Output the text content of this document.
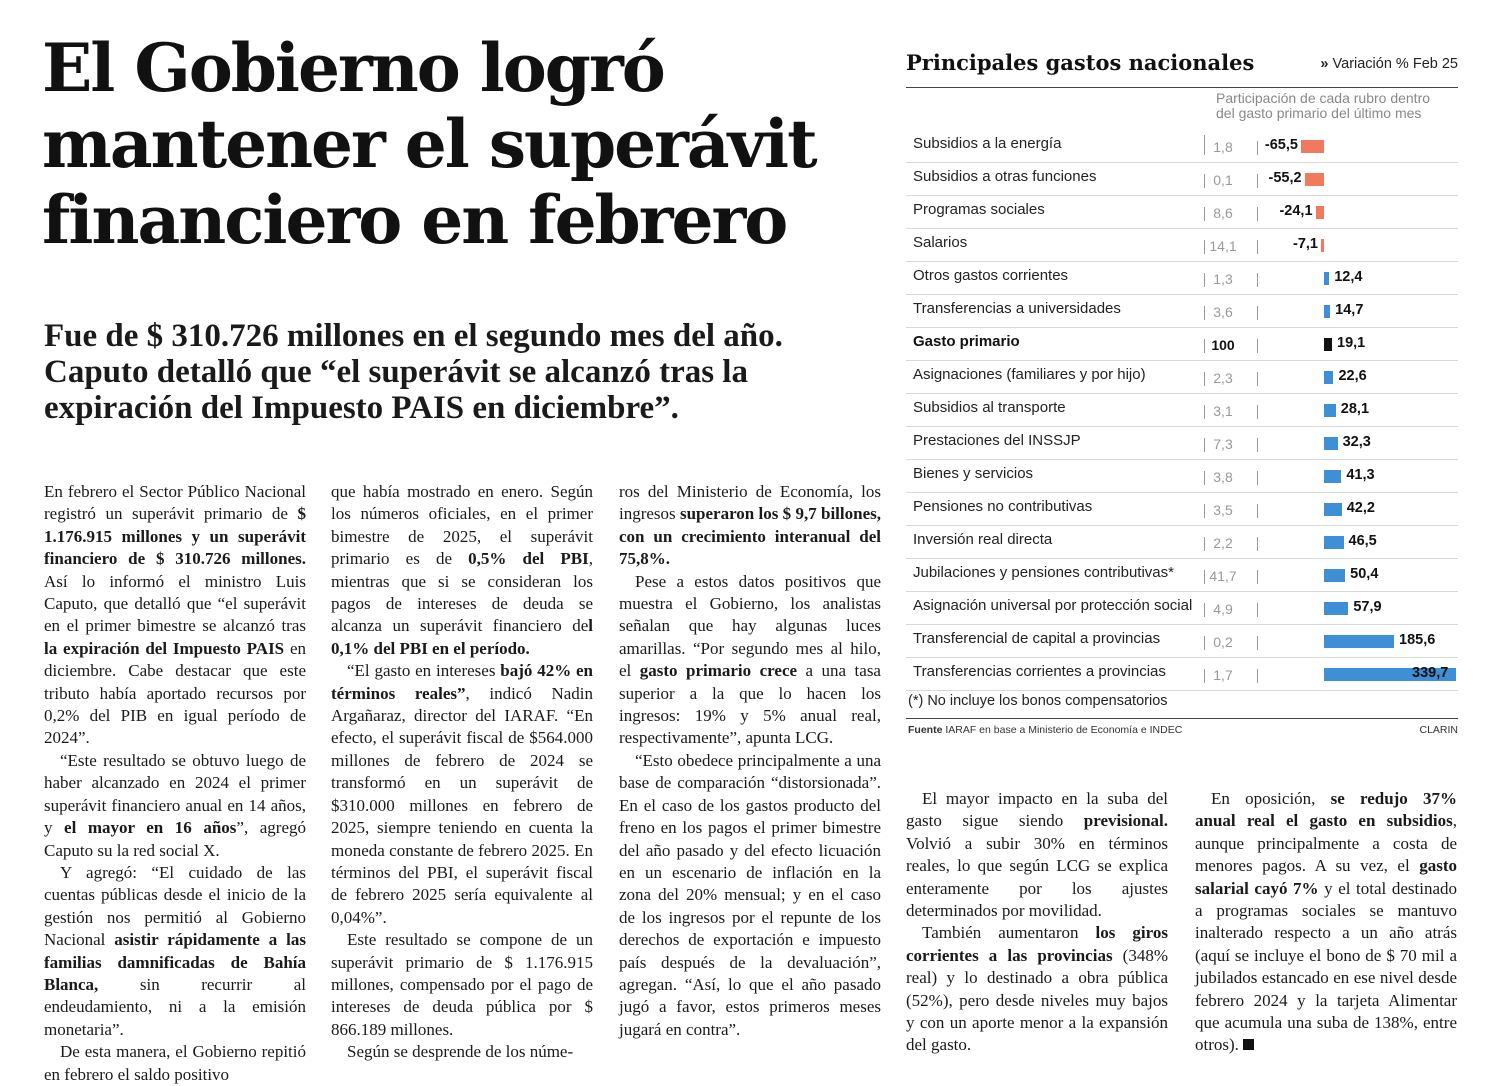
El Gobierno logró
mantener el superávit
financiero en febrero
Fue de $ 310.726 millones en el segundo mes del año.
Caputo detalló que “el superávit se alcanzó tras la
expiración del Impuesto PAIS en diciembre”.

En febrero el Sector Público Nacional registró un superávit primario de $ 1.176.915 millones y un superávit financiero de $ 310.726 millones. Así lo informó el ministro Luis Caputo, que detalló que “el superávit en el primer bimestre se alcanzó tras la expiración del Impuesto PAIS en diciembre. Cabe destacar que este tributo había aportado recursos por 0,2% del PIB en igual período de 2024”.

“Este resultado se obtuvo luego de haber alcanzado en 2024 el primer superávit financiero anual en 14 años, y el mayor en 16 años”, agregó Caputo su la red social X.

Y agregó: “El cuidado de las cuentas públicas desde el inicio de la gestión nos permitió al Gobierno Nacional asistir rápidamente a las familias damnificadas de Bahía Blanca, sin recurrir al endeudamiento, ni a la emisión monetaria”.

De esta manera, el Gobierno repitió en febrero el saldo positivo

que había mostrado en enero. Según los números oficiales, en el primer bimestre de 2025, el superávit primario es de 0,5% del PBI, mientras que si se consideran los pagos de intereses de deuda se alcanza un superávit financiero del 0,1% del PBI en el período.

“El gasto en intereses bajó 42% en términos reales”, indicó Nadin Argañaraz, director del IARAF. “En efecto, el superávit fiscal de $564.000 millones de febrero de 2024 se transformó en un superávit de $310.000 millones en febrero de 2025, siempre teniendo en cuenta la moneda constante de febrero 2025. En términos del PBI, el superávit fiscal de febrero 2025 sería equivalente al 0,04%”.

Este resultado se compone de un superávit primario de $ 1.176.915 millones, compensado por el pago de intereses de deuda pública por $ 866.189 millones.

Según se desprende de los núme-

ros del Ministerio de Economía, los ingresos superaron los $ 9,7 billones, con un crecimiento interanual del 75,8%.

Pese a estos datos positivos que muestra el Gobierno, los analistas señalan que hay algunas luces amarillas. “Por segundo mes al hilo, el gasto primario crece a una tasa superior a la que lo hacen los ingresos: 19% y 5% anual real, respectivamente”, apunta LCG.

“Esto obedece principalmente a una base de comparación “distorsionada”. En el caso de los gastos producto del freno en los pagos el primer bimestre del año pasado y del efecto licuación en un escenario de inflación en la zona del 20% mensual; y en el caso de los ingresos por el repunte de los derechos de exportación e impuesto país después de la devaluación”, agregan. “Así, lo que el año pasado jugó a favor, estos primeros meses jugará en contra”.

El mayor impacto en la suba del gasto sigue siendo previsional. Volvió a subir 30% en términos reales, lo que según LCG se explica enteramente por los ajustes determinados por movilidad.

También aumentaron los giros corrientes a las provincias (348% real) y lo destinado a obra pública (52%), pero desde niveles muy bajos y con un aporte menor a la expansión del gasto.

En oposición, se redujo 37% anual real el gasto en subsidios, aunque principalmente a costa de menores pagos. A su vez, el gasto salarial cayó 7% y el total destinado a programas sociales se mantuvo inalterado respecto a un año atrás (aquí se incluye el bono de $ 70 mil a jubilados estancado en ese nivel desde febrero 2024 y la tarjeta Alimentar que acumula una suba de 138%, entre otros).

Principales gastos nacionales	» Variación % Feb 25
Participación de cada rubro dentro
del gasto primario del último mes
Subsidios a la energía	1,8	-65,5
Subsidios a otras funciones	0,1	-55,2
Programas sociales	8,6	-24,1
Salarios	14,1	-7,1
Otros gastos corrientes	1,3	12,4
Transferencias a universidades	3,6	14,7
Gasto primario	100	19,1
Asignaciones (familiares y por hijo)	2,3	22,6
Subsidios al transporte	3,1	28,1
Prestaciones del INSSJP	7,3	32,3
Bienes y servicios	3,8	41,3
Pensiones no contributivas	3,5	42,2
Inversión real directa	2,2	46,5
Jubilaciones y pensiones contributivas*	41,7	50,4
Asignación universal por protección social	4,9	57,9
Transferencial de capital a provincias	0,2	185,6
Transferencias corrientes a provincias	1,7	339,7
(*) No incluye los bonos compensatorios
Fuente IARAF en base a Ministerio de Economía e INDEC	CLARIN
